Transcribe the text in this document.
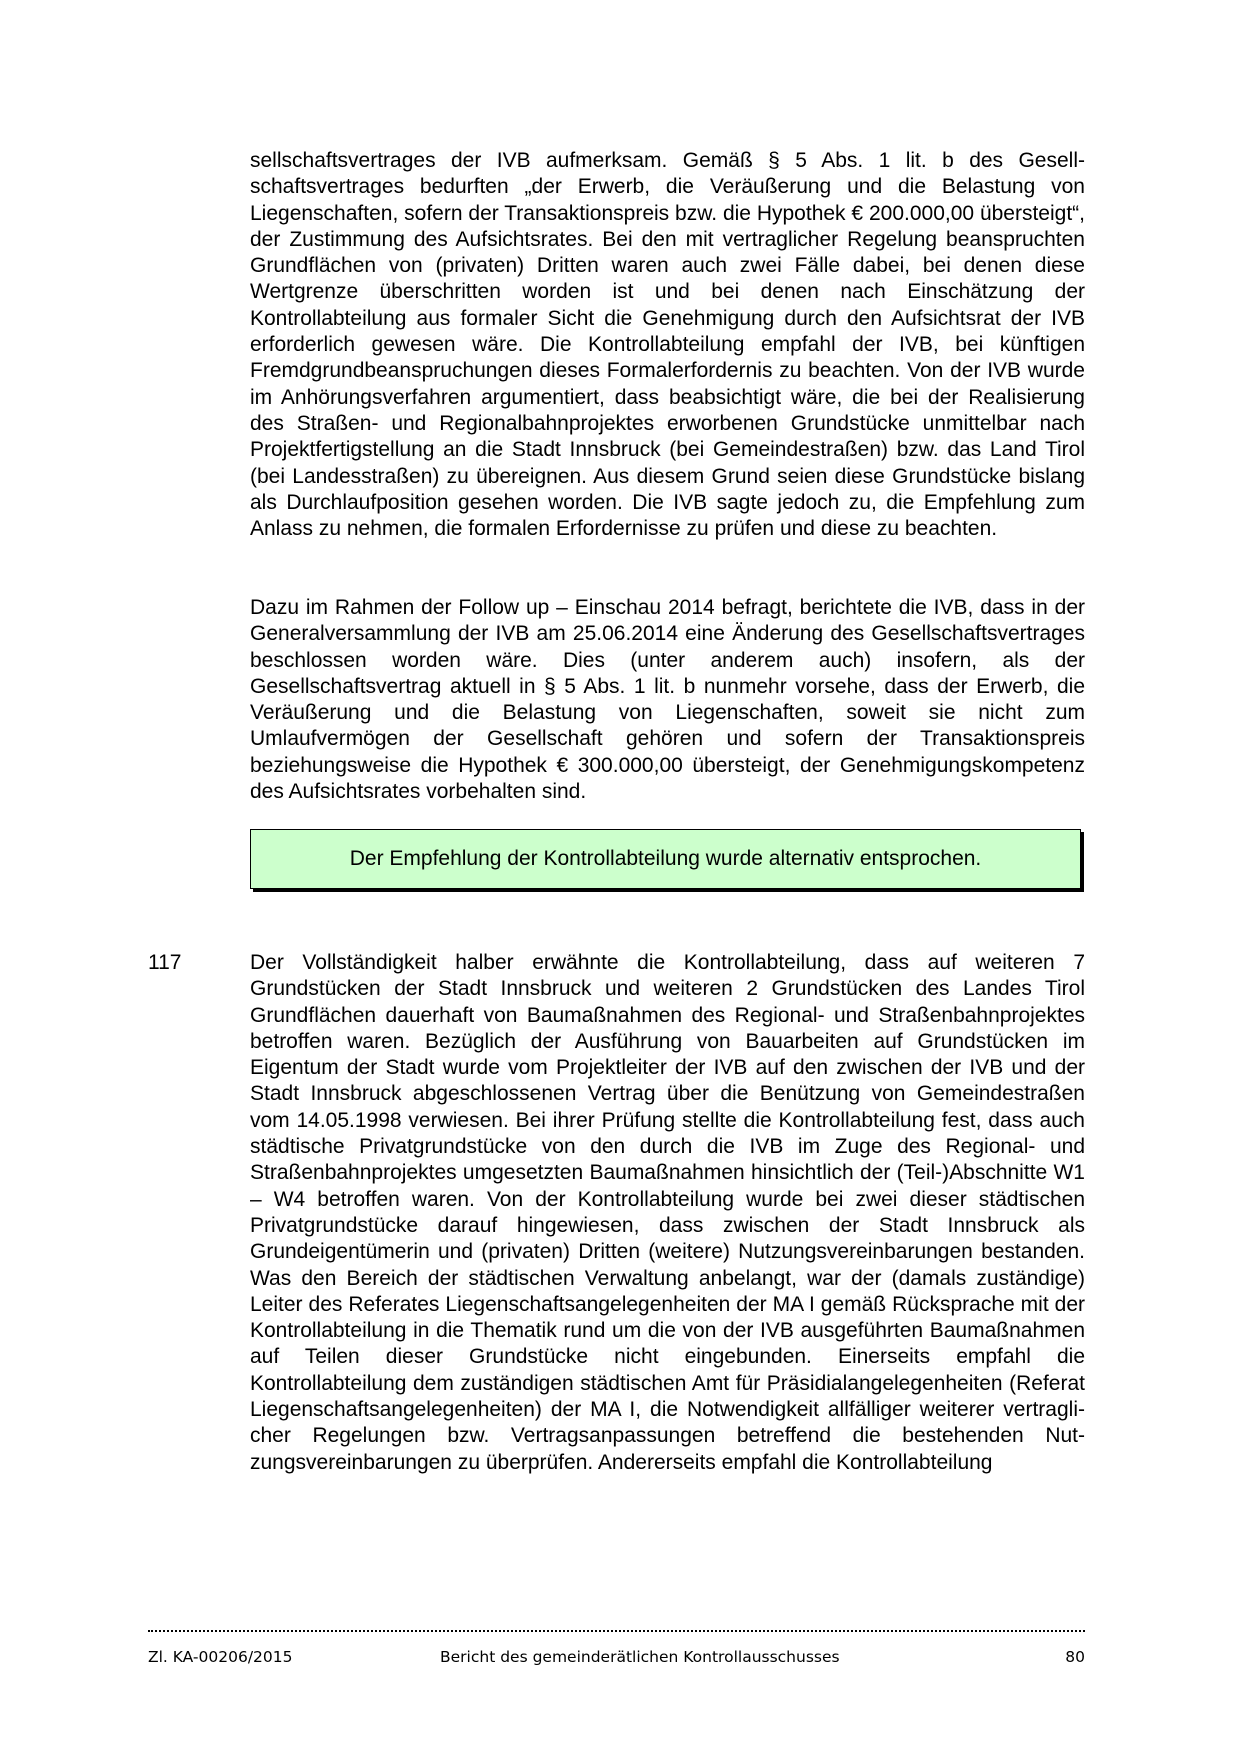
sellschaftsvertrages der IVB aufmerksam. Gemäß § 5 Abs. 1 lit. b des Gesellschaftsvertrages bedurften „der Erwerb, die Veräußerung und die Belastung von Liegenschaften, sofern der Transaktionspreis bzw. die Hypothek € 200.000,00 übersteigt“, der Zustimmung des Aufsichtsrates. Bei den mit vertraglicher Regelung beanspruchten Grundflächen von (privaten) Dritten waren auch zwei Fälle dabei, bei denen diese Wertgrenze überschritten worden ist und bei denen nach Einschätzung der Kontrollabteilung aus formaler Sicht die Genehmigung durch den Aufsichtsrat der IVB erforderlich gewesen wäre. Die Kontrollabteilung empfahl der IVB, bei künftigen Fremdgrundbeanspruchungen dieses Formalerfordernis zu beachten. Von der IVB wurde im Anhörungsverfahren argumentiert, dass beabsichtigt wäre, die bei der Realisierung des Straßen- und Regionalbahnprojektes erworbenen Grundstücke unmittelbar nach Projektfertigstellung an die Stadt Innsbruck (bei Gemeindestraßen) bzw. das Land Tirol (bei Landesstraßen) zu übereignen. Aus diesem Grund seien diese Grundstücke bislang als Durchlaufposition gesehen worden. Die IVB sagte jedoch zu, die Empfehlung zum Anlass zu nehmen, die formalen Erfordernisse zu prüfen und diese zu beachten.

Dazu im Rahmen der Follow up – Einschau 2014 befragt, berichtete die IVB, dass in der Generalversammlung der IVB am 25.06.2014 eine Änderung des Gesellschaftsvertrages beschlossen worden wäre. Dies (unter anderem auch) insofern, als der Gesellschaftsvertrag aktuell in § 5 Abs. 1 lit. b nunmehr vorsehe, dass der Erwerb, die Veräußerung und die Belastung von Liegenschaften, soweit sie nicht zum Umlaufvermögen der Gesellschaft gehören und sofern der Transaktionspreis beziehungsweise die Hypothek € 300.000,00 übersteigt, der Genehmigungskompetenz des Aufsichtsrates vorbehalten sind.

Der Empfehlung der Kontrollabteilung wurde alternativ entsprochen.
117	Der Vollständigkeit halber erwähnte die Kontrollabteilung, dass auf weiteren 7 Grundstücken der Stadt Innsbruck und weiteren 2 Grundstücken des Landes Tirol Grundflächen dauerhaft von Baumaßnahmen des Regional- und Straßenbahnprojektes betroffen waren. Bezüglich der Ausführung von Bauarbeiten auf Grundstücken im Eigentum der Stadt wurde vom Projektleiter der IVB auf den zwischen der IVB und der Stadt Innsbruck abgeschlossenen Vertrag über die Benützung von Gemeindestraßen vom 14.05.1998 verwiesen. Bei ihrer Prüfung stellte die Kontrollabteilung fest, dass auch städtische Privatgrundstücke von den durch die IVB im Zuge des Regional- und Straßenbahnprojektes umgesetzten Baumaßnahmen hinsichtlich der (Teil-)Abschnitte W1 – W4 betroffen waren. Von der Kontrollabteilung wurde bei zwei dieser städtischen Privatgrundstücke darauf hingewiesen, dass zwischen der Stadt Innsbruck als Grundeigentümerin und (privaten) Dritten (weitere) Nutzungsvereinbarungen bestanden. Was den Bereich der städtischen Verwaltung anbelangt, war der (damals zuständige) Leiter des Referates Liegenschaftsangelegenheiten der MA I gemäß Rücksprache mit der Kontrollabteilung in die Thematik rund um die von der IVB ausgeführten Baumaßnahmen auf Teilen dieser Grundstücke nicht eingebunden. Einerseits empfahl die Kontrollabteilung dem zuständigen städtischen Amt für Präsidialangelegenheiten (Referat Liegenschaftsangelegenheiten) der MA I, die Notwendigkeit allfälliger weiterer vertraglicher Regelungen bzw. Vertragsanpassungen betreffend die bestehenden Nutzungsvereinbarungen zu überprüfen. Andererseits empfahl die Kontrollabteilung

Zl. KA-00206/2015	Bericht des gemeinderätlichen Kontrollausschusses	80
